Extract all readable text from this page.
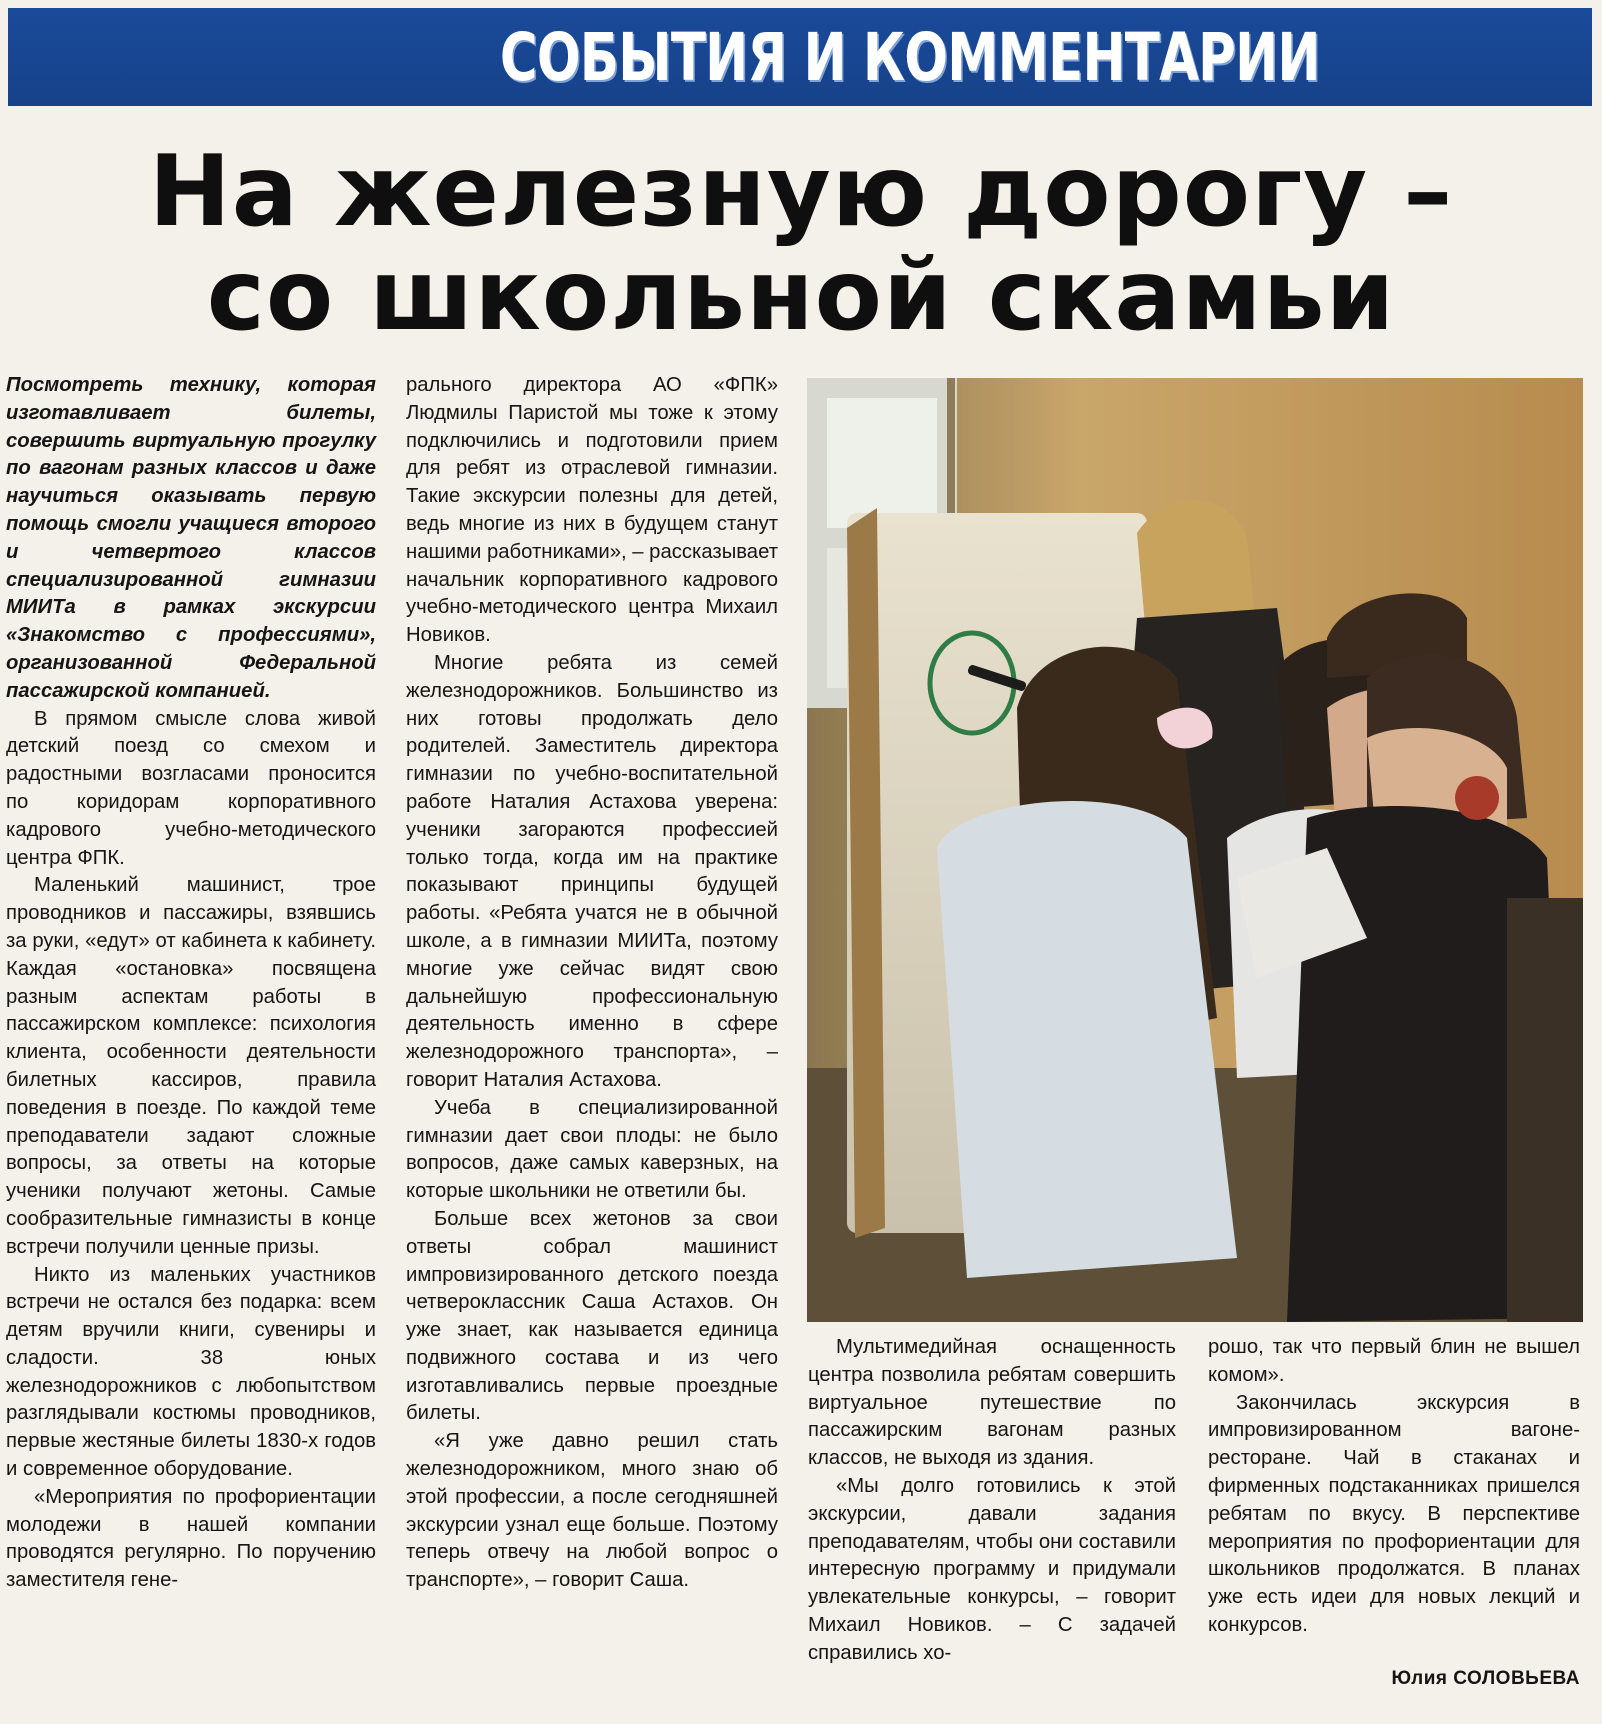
СОБЫТИЯ И КОММЕНТАРИИ
На железную дорогу –
со школьной скамьи

Посмотреть технику, которая изготавливает билеты, совершить виртуальную прогулку по вагонам разных классов и даже научиться оказывать первую помощь смогли учащиеся второго и четвертого классов специализированной гимназии МИИТа в рамках экскурсии «Знакомство с профессиями», организованной Федеральной пассажирской компанией.

В прямом смысле слова живой детский поезд со смехом и радостными возгласами проносится по коридорам корпоративного кадрового учебно-методического центра ФПК.

Маленький машинист, трое проводников и пассажиры, взявшись за руки, «едут» от кабинета к кабинету. Каждая «остановка» посвящена разным аспектам работы в пассажирском комплексе: психология клиента, особенности деятельности билетных кассиров, правила поведения в поезде. По каждой теме преподаватели задают сложные вопросы, за ответы на которые ученики получают жетоны. Самые сообразительные гимназисты в конце встречи получили ценные призы.

Никто из маленьких участников встречи не остался без подарка: всем детям вручили книги, сувениры и сладости. 38 юных железнодорожников с любопытством разглядывали костюмы проводников, первые жестяные билеты 1830-х годов и современное оборудование.

«Мероприятия по профориентации молодежи в нашей компании проводятся регулярно. По поручению заместителя гене-

рального директора АО «ФПК» Людмилы Паристой мы тоже к этому подключились и подготовили прием для ребят из отраслевой гимназии. Такие экскурсии полезны для детей, ведь многие из них в будущем станут нашими работниками», – рассказывает начальник корпоративного кадрового учебно-методического центра Михаил Новиков.

Многие ребята из семей железнодорожников. Большинство из них готовы продолжать дело родителей. Заместитель директора гимназии по учебно-воспитательной работе Наталия Астахова уверена: ученики загораются профессией только тогда, когда им на практике показывают принципы будущей работы. «Ребята учатся не в обычной школе, а в гимназии МИИТа, поэтому многие уже сейчас видят свою дальнейшую профессиональную деятельность именно в сфере железнодорожного транспорта», – говорит Наталия Астахова.

Учеба в специализированной гимназии дает свои плоды: не было вопросов, даже самых каверзных, на которые школьники не ответили бы.

Больше всех жетонов за свои ответы собрал машинист импровизированного детского поезда четвероклассник Саша Астахов. Он уже знает, как называется единица подвижного состава и из чего изготавливались первые проездные билеты.

«Я уже давно решил стать железнодорожником, много знаю об этой профессии, а после сегодняшней экскурсии узнал еще больше. Поэтому теперь отвечу на любой вопрос о транспорте», – говорит Саша.

Мультимедийная оснащенность центра позволила ребятам совершить виртуальное путешествие по пассажирским вагонам разных классов, не выходя из здания.

«Мы долго готовились к этой экскурсии, давали задания преподавателям, чтобы они составили интересную программу и придумали увлекательные конкурсы, – говорит Михаил Новиков. – С задачей справились хо-

рошо, так что первый блин не вышел комом».

Закончилась экскурсия в импровизированном вагоне-ресторане. Чай в стаканах и фирменных подстаканниках пришелся ребятам по вкусу. В перспективе мероприятия по профориентации для школьников продолжатся. В планах уже есть идеи для новых лекций и конкурсов.

Юлия СОЛОВЬЕВА
